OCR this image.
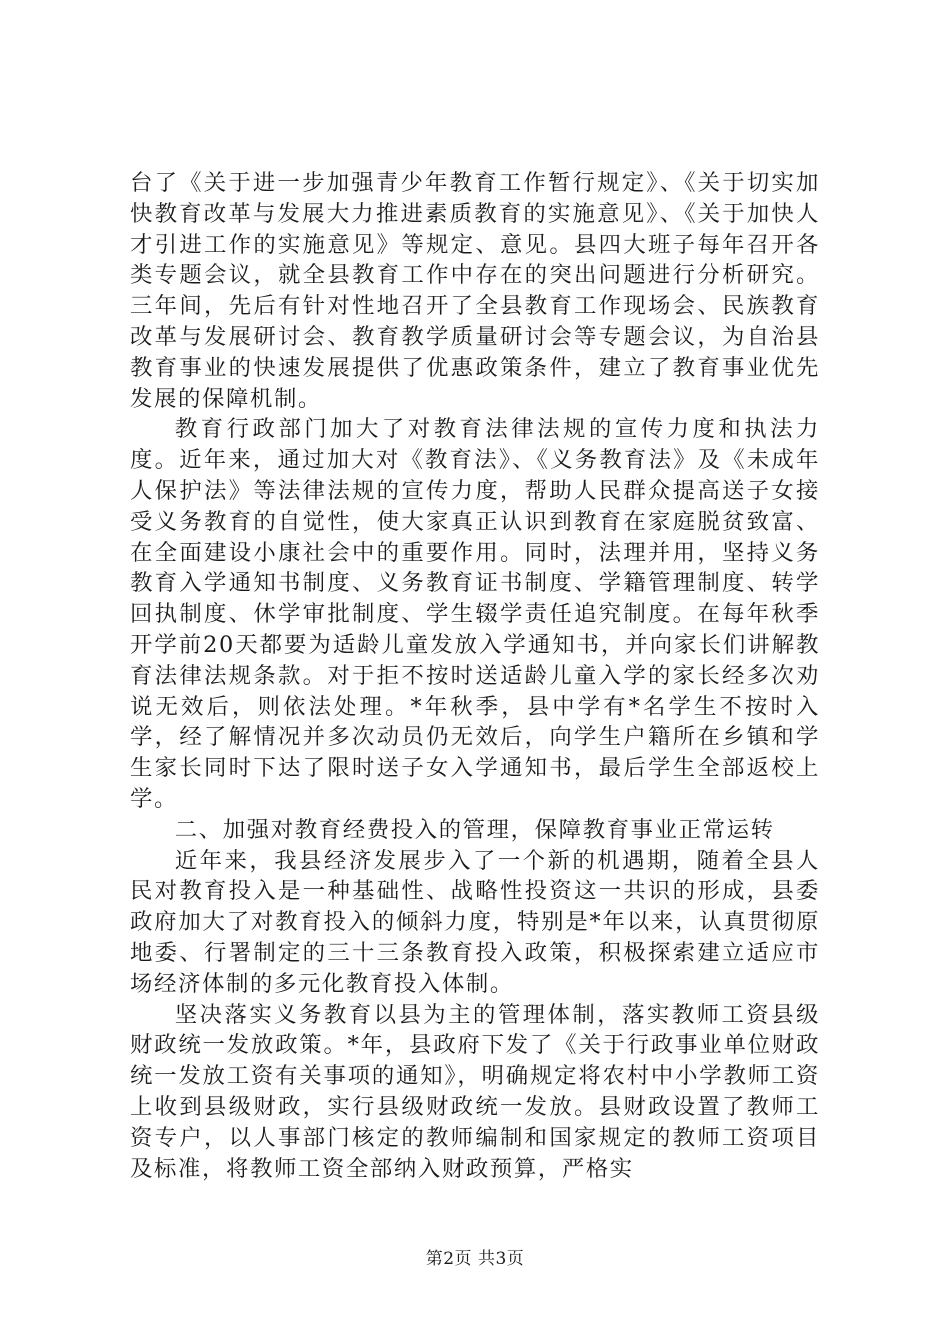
台了《关于进一步加强青少年教育工作暂行规定》、《关于切实加快教育改革与发展大力推进素质教育的实施意见》、《关于加快人才引进工作的实施意见》等规定、意见。县四大班子每年召开各类专题会议，就全县教育工作中存在的突出问题进行分析研究。三年间，先后有针对性地召开了全县教育工作现场会、民族教育改革与发展研讨会、教育教学质量研讨会等专题会议，为自治县教育事业的快速发展提供了优惠政策条件，建立了教育事业优先发展的保障机制。

教育行政部门加大了对教育法律法规的宣传力度和执法力度。近年来，通过加大对《教育法》、《义务教育法》及《未成年人保护法》等法律法规的宣传力度，帮助人民群众提高送子女接受义务教育的自觉性，使大家真正认识到教育在家庭脱贫致富、在全面建设小康社会中的重要作用。同时，法理并用，坚持义务教育入学通知书制度、义务教育证书制度、学籍管理制度、转学回执制度、休学审批制度、学生辍学责任追究制度。在每年秋季开学前20天都要为适龄儿童发放入学通知书，并向家长们讲解教育法律法规条款。对于拒不按时送适龄儿童入学的家长经多次劝说无效后，则依法处理。*年秋季，县中学有*名学生不按时入学，经了解情况并多次动员仍无效后，向学生户籍所在乡镇和学生家长同时下达了限时送子女入学通知书，最后学生全部返校上学。

二、加强对教育经费投入的管理，保障教育事业正常运转

近年来，我县经济发展步入了一个新的机遇期，随着全县人民对教育投入是一种基础性、战略性投资这一共识的形成，县委政府加大了对教育投入的倾斜力度，特别是*年以来，认真贯彻原地委、行署制定的三十三条教育投入政策，积极探索建立适应市场经济体制的多元化教育投入体制。

坚决落实义务教育以县为主的管理体制，落实教师工资县级财政统一发放政策。*年，县政府下发了《关于行政事业单位财政统一发放工资有关事项的通知》，明确规定将农村中小学教师工资上收到县级财政，实行县级财政统一发放。县财政设置了教师工资专户，以人事部门核定的教师编制和国家规定的教师工资项目及标准，将教师工资全部纳入财政预算，严格实

第2页 共3页
